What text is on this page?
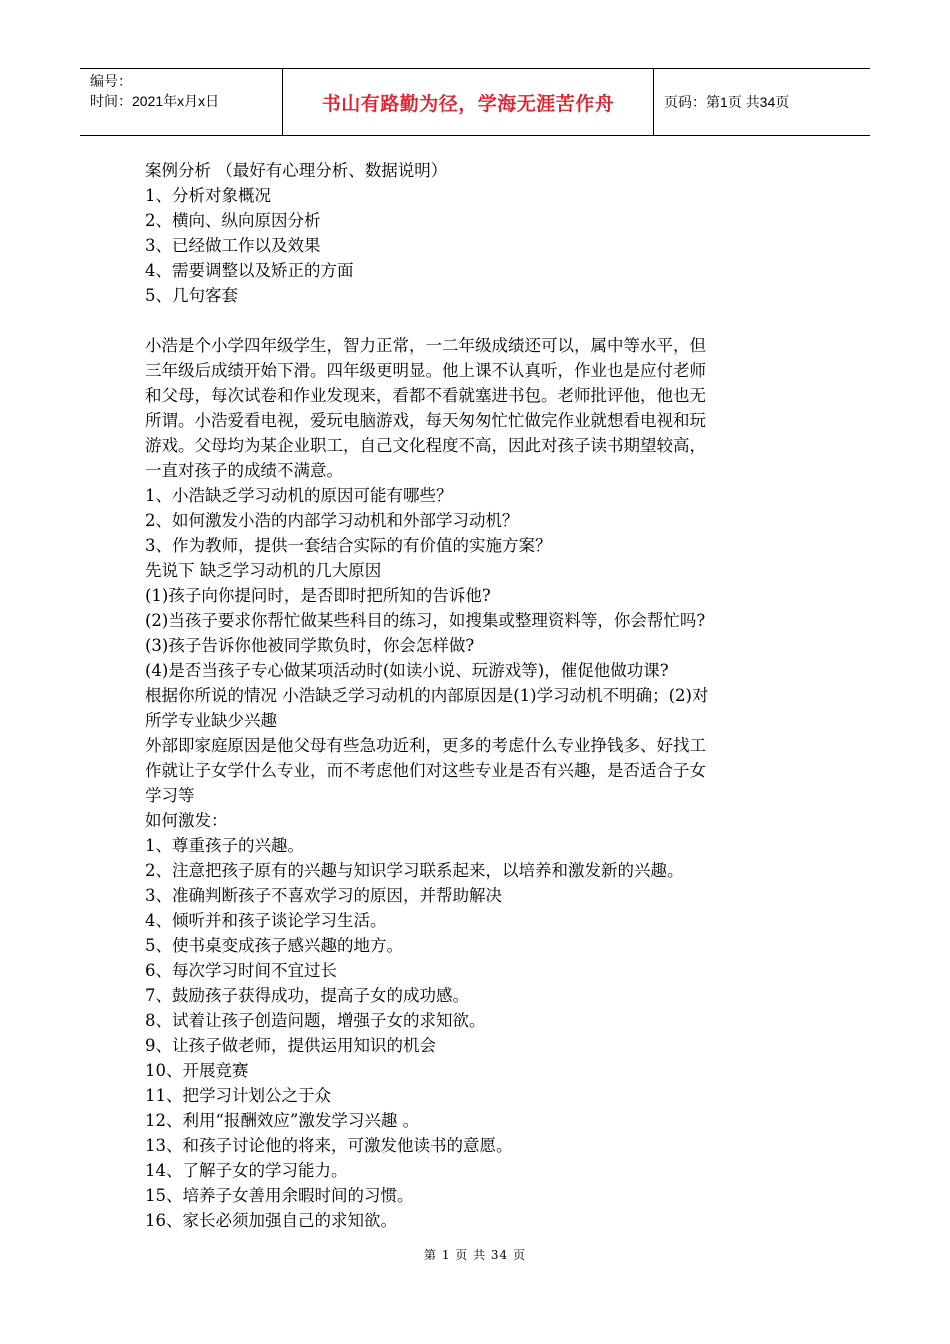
编号：
时间：2021年x月x日	书山有路勤为径，学海无涯苦作舟	页码：第1页 共34页

案例分析 （最好有心理分析、数据说明）

1、分析对象概况

2、横向、纵向原因分析

3、已经做工作以及效果

4、需要调整以及矫正的方面

5、几句客套

小浩是个小学四年级学生，智力正常，一二年级成绩还可以，属中等水平，但

三年级后成绩开始下滑。四年级更明显。他上课不认真听，作业也是应付老师

和父母，每次试卷和作业发现来，看都不看就塞进书包。老师批评他，他也无

所谓。小浩爱看电视，爱玩电脑游戏，每天匆匆忙忙做完作业就想看电视和玩

游戏。父母均为某企业职工，自己文化程度不高，因此对孩子读书期望较高，

一直对孩子的成绩不满意。

1、小浩缺乏学习动机的原因可能有哪些？

2、如何激发小浩的内部学习动机和外部学习动机？

3、作为教师，提供一套结合实际的有价值的实施方案？

先说下 缺乏学习动机的几大原因

(1)孩子向你提问时，是否即时把所知的告诉他?

(2)当孩子要求你帮忙做某些科目的练习，如搜集或整理资料等，你会帮忙吗?

(3)孩子告诉你他被同学欺负时，你会怎样做?

(4)是否当孩子专心做某项活动时(如读小说、玩游戏等)，催促他做功课?

根据你所说的情况 小浩缺乏学习动机的内部原因是(1)学习动机不明确；(2)对

所学专业缺少兴趣

外部即家庭原因是他父母有些急功近利，更多的考虑什么专业挣钱多、好找工

作就让子女学什么专业，而不考虑他们对这些专业是否有兴趣，是否适合子女

学习等

如何激发：

1、尊重孩子的兴趣。

2、注意把孩子原有的兴趣与知识学习联系起来，以培养和激发新的兴趣。

3、准确判断孩子不喜欢学习的原因，并帮助解决

4、倾听并和孩子谈论学习生活。

5、使书桌变成孩子感兴趣的地方。

6、每次学习时间不宜过长

7、鼓励孩子获得成功，提高子女的成功感。

8、试着让孩子创造问题，增强子女的求知欲。

9、让孩子做老师，提供运用知识的机会

10、开展竞赛

11、把学习计划公之于众

12、利用“报酬效应”激发学习兴趣 。

13、和孩子讨论他的将来，可激发他读书的意愿。

14、了解子女的学习能力。

15、培养子女善用余暇时间的习惯。

16、家长必须加强自己的求知欲。

第 1 页 共 34 页
